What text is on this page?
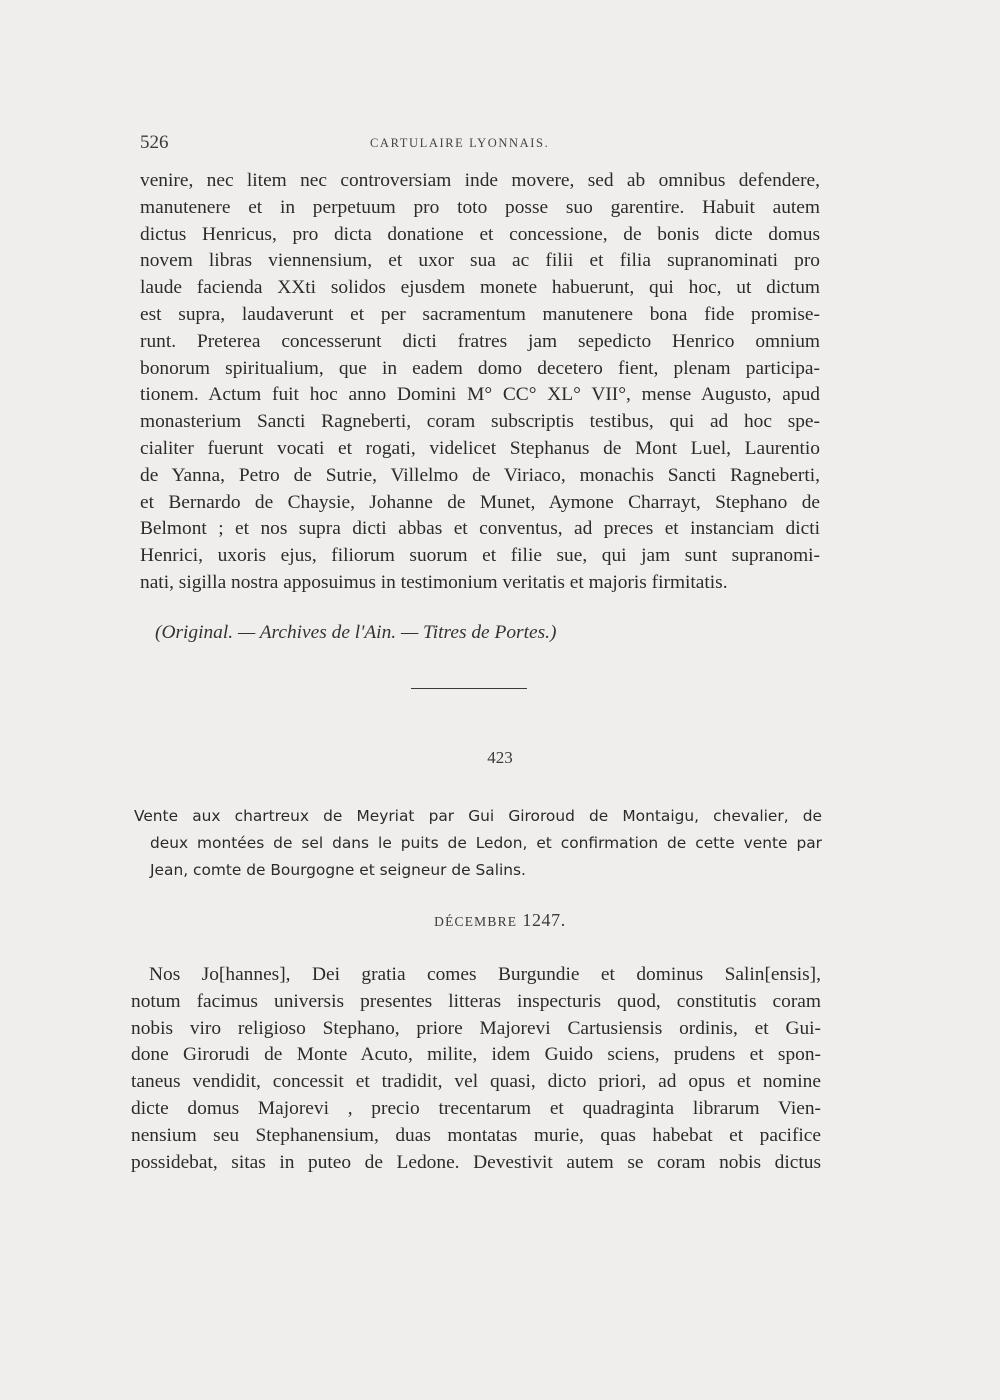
526	CARTULAIRE LYONNAIS.
venire, nec litem nec controversiam inde movere, sed ab omnibus defendere,
manutenere et in perpetuum pro toto posse suo garentire. Habuit autem
dictus Henricus, pro dicta donatione et concessione, de bonis dicte domus
novem libras viennensium, et uxor sua ac filii et filia supranominati pro
laude facienda XXti solidos ejusdem monete habuerunt, qui hoc, ut dictum
est supra, laudaverunt et per sacramentum manutenere bona fide promise-
runt. Preterea concesserunt dicti fratres jam sepedicto Henrico omnium
bonorum spiritualium, que in eadem domo decetero fient, plenam participa-
tionem. Actum fuit hoc anno Domini M° CC° XL° VII°, mense Augusto, apud
monasterium Sancti Ragneberti, coram subscriptis testibus, qui ad hoc spe-
cialiter fuerunt vocati et rogati, videlicet Stephanus de Mont Luel, Laurentio
de Yanna, Petro de Sutrie, Villelmo de Viriaco, monachis Sancti Ragneberti,
et Bernardo de Chaysie, Johanne de Munet, Aymone Charrayt, Stephano de
Belmont ; et nos supra dicti abbas et conventus, ad preces et instanciam dicti
Henrici, uxoris ejus, filiorum suorum et filie sue, qui jam sunt supranomi-
nati, sigilla nostra apposuimus in testimonium veritatis et majoris firmitatis.
(Original. — Archives de l'Ain. — Titres de Portes.)
423
Vente aux chartreux de Meyriat par Gui Giroroud de Montaigu, chevalier, de
deux montées de sel dans le puits de Ledon, et confirmation de cette vente par
Jean, comte de Bourgogne et seigneur de Salins.
DÉCEMBRE 1247.
Nos Jo[hannes], Dei gratia comes Burgundie et dominus Salin[ensis],
notum facimus universis presentes litteras inspecturis quod, constitutis coram
nobis viro religioso Stephano, priore Majorevi Cartusiensis ordinis, et Gui-
done Girorudi de Monte Acuto, milite, idem Guido sciens, prudens et spon-
taneus vendidit, concessit et tradidit, vel quasi, dicto priori, ad opus et nomine
dicte domus Majorevi , precio trecentarum et quadraginta librarum Vien-
nensium seu Stephanensium, duas montatas murie, quas habebat et pacifice
possidebat, sitas in puteo de Ledone. Devestivit autem se coram nobis dictus
